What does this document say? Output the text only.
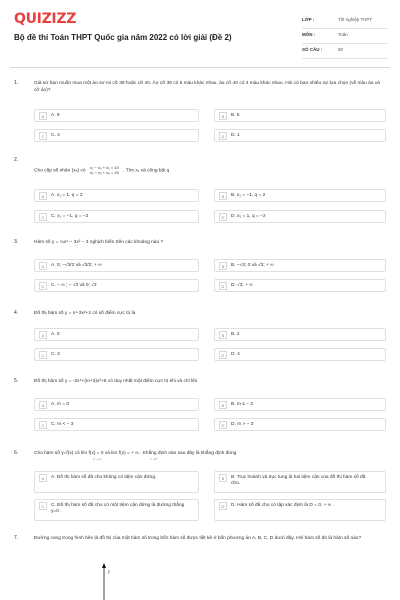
QUIZIZZ
Bộ đề thi Toán THPT Quốc gia năm 2022 có lời giải (Đề 2)
LỚP :	Tốt nghiệp THPT
MÔN :	Toán
SỐ CÂU :	50
1.	Giả sử bạn muốn mua một áo sơ mi cỡ 39 hoặc cỡ 40. Áo cỡ 39 có 5 màu khác nhau, áo cỡ 40 có 4 màu khác nhau. Hỏi có bao nhiêu sự lựa chọn (về màu áo và cỡ áo)?
A	A. 9	B	B. 5
C	C. 4	D	D. 1
2.
Cho cấp số nhân (xₙ) có
x₂ − x₄ + x₅ = 10
x₃ − x₅ + x₆ = 20 . Tìm x₁ và công bội q
A	A. x₁ = 1, q = 2	B	B. x₁ = −1, q = 2
C	C. x₁ = −1, q = −2	D	D. x₁ = 1, q = −2
3.	Hàm số y = ¼x⁴ − 3x² − 3 nghịch biến trên các khoảng nào ?
A	A. 0; −√3/2 và √3/2; + ∞	B	B. −√3; 0 và √3; + ∞
C	C. − ∞ ; − √3 và 0; √3	D	D. √3; + ∞
4.	Đồ thị hàm số y = x⁴-3x²+2 có số điểm cực trị là
A	A. 0	B	B. 2
C	C. 3	D	D. 4
5.	Đồ thị hàm số y = -2x⁴+(m+3)x²+5 có duy nhất một điểm cực trị khi và chỉ khi
A	A. m = 0	B	B. m ≤ − 3
C	C. m < − 3	D	D. m > − 3
6.	Cho hàm số y=f(x) có lim f(x) = 0 và lim f(x) = + ∞ . Khẳng định nào sau đây là khẳng định đúng
x→+∞	x→0⁺
A	A. Đồ thị hàm số đã cho không có tiệm cận đứng.	B	B. Trục hoành và trục tung là hai tiệm cận của đồ thị hàm số đã cho.
C	C. Đồ thị hàm số đã cho có một tiệm cận đứng là đường thẳng y=0 .
D	D. Hàm số đã cho có tập xác định là D = 0, + ∞ .
7.	Đường cong trong hình bên là đồ thị của một hàm số trong bốn hàm số được liệt kê ở bốn phương án A, B, C, D dưới đây. Hỏi hàm số đó là hàm số nào?
y
